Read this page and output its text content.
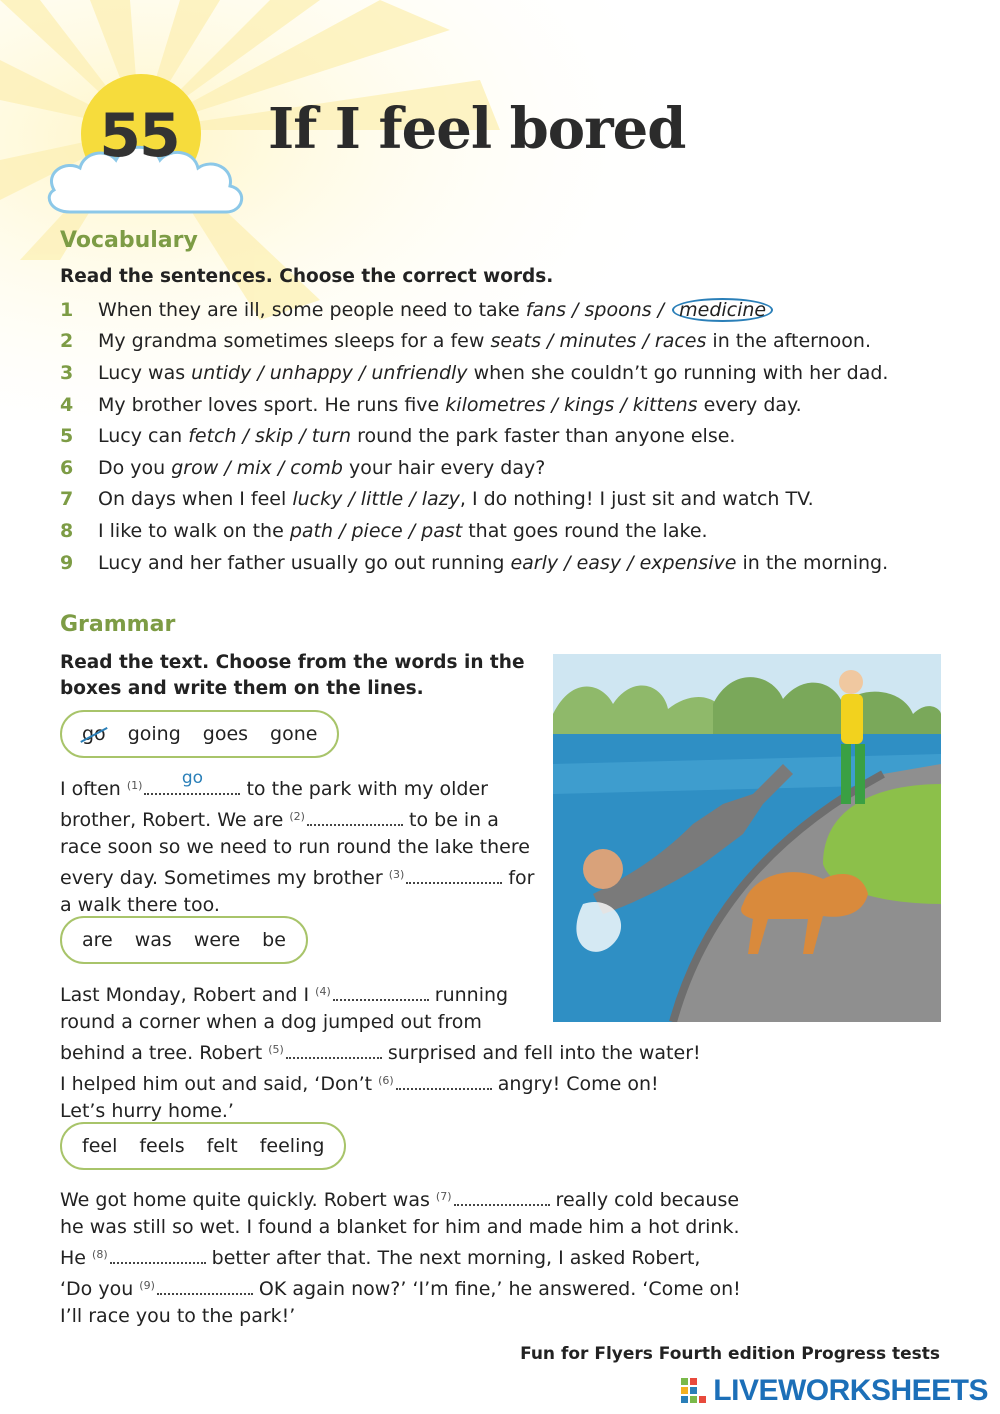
55	If I feel bored
Vocabulary
Read the sentences. Choose the correct words.
1	When they are ill, some people need to take fans / spoons / medicine
2	My grandma sometimes sleeps for a few seats / minutes / races in the afternoon.
3	Lucy was untidy / unhappy / unfriendly when she couldn’t go running with her dad.
4	My brother loves sport. He runs five kilometres / kings / kittens every day.
5	Lucy can fetch / skip / turn round the park faster than anyone else.
6	Do you grow / mix / comb your hair every day?
7	On days when I feel lucky / little / lazy , I do nothing! I just sit and watch TV.
8	I like to walk on the path / piece / past that goes round the lake.
9	Lucy and her father usually go out running early / easy / expensive in the morning.
Grammar
Read the text. Choose from the words in the
boxes and write them on the lines.
go going goes gone
I often $^{(1)}$	go	to the park with my older
brother, Robert. We are $^{(2)}$	to be in a
race soon so we need to run round the lake there
every day. Sometimes my brother $^{(3)}$	for
a walk there too.
are was were be
Last Monday, Robert and I $^{(4)}$	running
round a corner when a dog jumped out from
behind a tree. Robert $^{(5)}$	surprised and fell into the water!
I helped him out and said, ‘Don’t $^{(6)}$	angry! Come on!
Let’s hurry home.’
feel feels felt feeling
We got home quite quickly. Robert was $^{(7)}$	really cold because
he was still so wet. I found a blanket for him and made him a hot drink.
He $^{(8)}$	better after that. The next morning, I asked Robert,
‘Do you $^{(9)}$	OK again now?’ ‘I’m fine,’ he answered. ‘Come on!
I’ll race you to the park!’
Fun for Flyers Fourth edition Progress tests
LIVEWORKSHEETS
